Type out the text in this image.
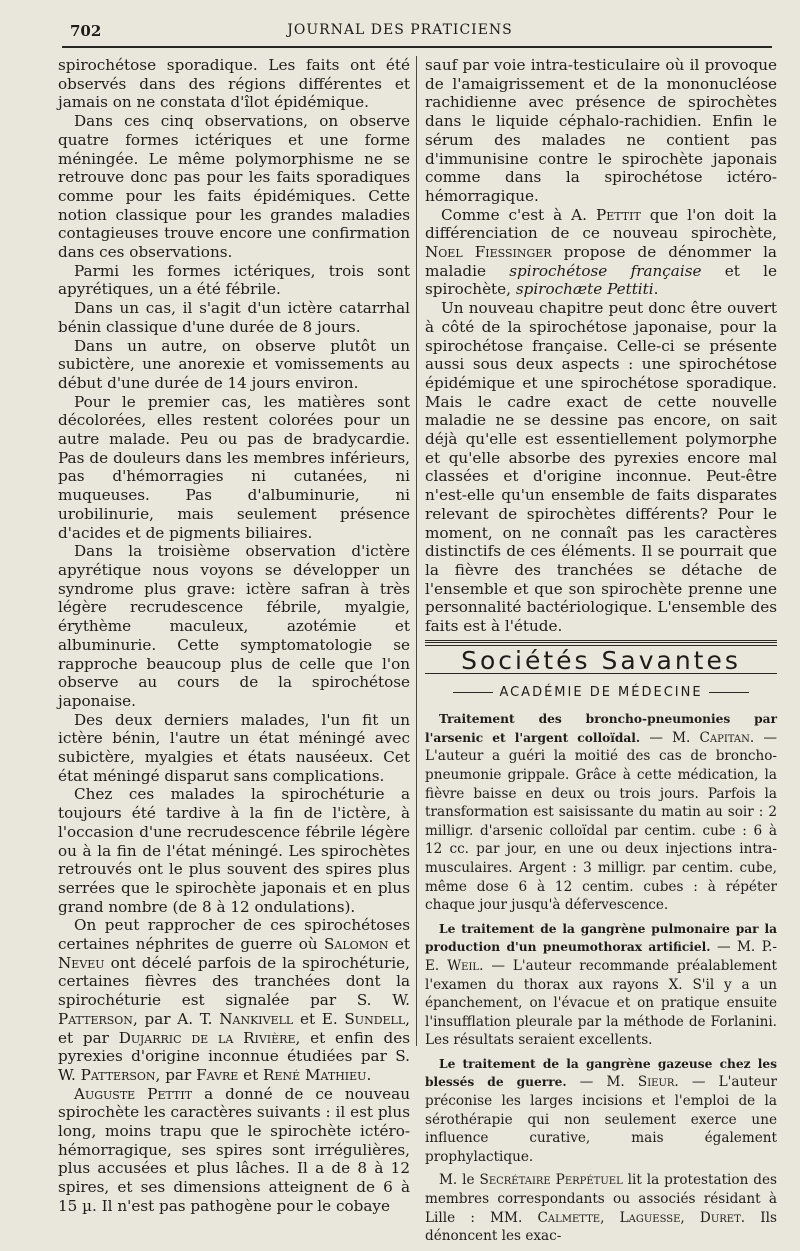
702	JOURNAL DES PRATICIENS

spirochétose sporadique. Les faits ont été observés dans des régions différentes et jamais on ne constata d'îlot épidémique.

Dans ces cinq observations, on observe quatre formes ictériques et une forme méningée. Le même polymorphisme ne se retrouve donc pas pour les faits sporadiques comme pour les faits épidémiques. Cette notion classique pour les grandes maladies contagieuses trouve encore une confirmation dans ces observations.

Parmi les formes ictériques, trois sont apyrétiques, un a été fébrile.

Dans un cas, il s'agit d'un ictère catarrhal bénin classique d'une durée de 8 jours.

Dans un autre, on observe plutôt un subictère, une anorexie et vomissements au début d'une durée de 14 jours environ.

Pour le premier cas, les matières sont décolorées, elles restent colorées pour un autre malade. Peu ou pas de bradycardie. Pas de douleurs dans les membres inférieurs, pas d'hémorragies ni cutanées, ni muqueuses. Pas d'albuminurie, ni urobilinurie, mais seulement présence d'acides et de pigments biliaires.

Dans la troisième observation d'ictère apyrétique nous voyons se développer un syndrome plus grave: ictère safran à très légère recrudescence fébrile, myalgie, érythème maculeux, azotémie et albuminurie. Cette symptomatologie se rapproche beaucoup plus de celle que l'on observe au cours de la spirochétose japonaise.

Des deux derniers malades, l'un fit un ictère bénin, l'autre un état méningé avec subictère, myalgies et états nauséeux. Cet état méningé disparut sans complications.

Chez ces malades la spirochéturie a toujours été tardive à la fin de l'ictère, à l'occasion d'une recrudescence fébrile légère ou à la fin de l'état méningé. Les spirochètes retrouvés ont le plus souvent des spires plus serrées que le spirochète japonais et en plus grand nombre (de 8 à 12 ondulations).

On peut rapprocher de ces spirochétoses certaines néphrites de guerre où Salomon et Neveu ont décelé parfois de la spirochéturie, certaines fièvres des tranchées dont la spirochéturie est signalée par S. W. Patterson, par A. T. Nankivell et E. Sundell, et par Dujarric de la Rivière, et enfin des pyrexies d'origine inconnue étudiées par S. W. Patterson, par Favre et René Mathieu.

Auguste Pettit a donné de ce nouveau spirochète les caractères suivants : il est plus long, moins trapu que le spirochète ictéro-hémorragique, ses spires sont irrégulières, plus accusées et plus lâches. Il a de 8 à 12 spires, et ses dimensions atteignent de 6 à 15 µ. Il n'est pas pathogène pour le cobaye

sauf par voie intra-testiculaire où il provoque de l'amaigrissement et de la mononucléose rachidienne avec présence de spirochètes dans le liquide céphalo-rachidien. Enfin le sérum des malades ne contient pas d'immunisine contre le spirochète japonais comme dans la spirochétose ictéro-hémorragique.

Comme c'est à A. Pettit que l'on doit la différenciation de ce nouveau spirochète, Noel Fiessinger propose de dénommer la maladie spirochétose française et le spirochète, spirochæte Pettiti.

Un nouveau chapitre peut donc être ouvert à côté de la spirochétose japonaise, pour la spirochétose française. Celle-ci se présente aussi sous deux aspects : une spirochétose épidémique et une spirochétose sporadique. Mais le cadre exact de cette nouvelle maladie ne se dessine pas encore, on sait déjà qu'elle est essentiellement polymorphe et qu'elle absorbe des pyrexies encore mal classées et d'origine inconnue. Peut-être n'est-elle qu'un ensemble de faits disparates relevant de spirochètes différents? Pour le moment, on ne connaît pas les caractères distinctifs de ces éléments. Il se pourrait que la fièvre des tranchées se détache de l'ensemble et que son spirochète prenne une personnalité bactériologique. L'ensemble des faits est à l'étude.

Sociétés Savantes
ACADÉMIE DE MÉDECINE

Traitement des broncho-pneumonies par l'arsenic et l'argent colloïdal. — M. Capitan. — L'auteur a guéri la moitié des cas de broncho-pneumonie grippale. Grâce à cette médication, la fièvre baisse en deux ou trois jours. Parfois la transformation est saisissante du matin au soir : 2 milligr. d'arsenic colloïdal par centim. cube : 6 à 12 cc. par jour, en une ou deux injections intra-musculaires. Argent : 3 milligr. par centim. cube, même dose 6 à 12 centim. cubes : à répéter chaque jour jusqu'à défervescence.

Le traitement de la gangrène pulmonaire par la production d'un pneumothorax artificiel. — M. P.-E. Weil. — L'auteur recommande préalablement l'examen du thorax aux rayons X. S'il y a un épanchement, on l'évacue et on pratique ensuite l'insufflation pleurale par la méthode de Forlanini. Les résultats seraient excellents.

Le traitement de la gangrène gazeuse chez les blessés de guerre. — M. Sieur. — L'auteur préconise les larges incisions et l'emploi de la sérothérapie qui non seulement exerce une influence curative, mais également prophylactique.

M. le Secrétaire Perpétuel lit la protestation des membres correspondants ou associés résidant à Lille : MM. Calmette, Laguesse, Duret. Ils dénoncent les exac-
